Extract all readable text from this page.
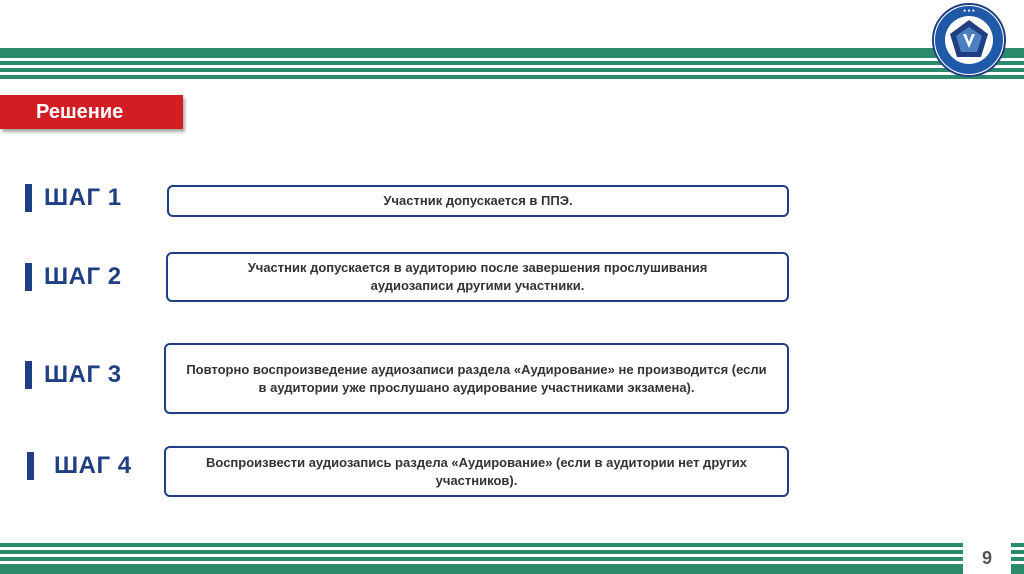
● ● ●
Решение
ШАГ 1	Участник допускается в ППЭ.
ШАГ 2	Участник допускается в аудиторию после завершения прослушивания аудиозаписи другими участники.
ШАГ 3	Повторно воспроизведение аудиозаписи раздела «Аудирование» не производится (если в аудитории уже прослушано аудирование участниками экзамена).
ШАГ 4	Воспроизвести аудиозапись раздела «Аудирование» (если в аудитории нет других участников).
9
